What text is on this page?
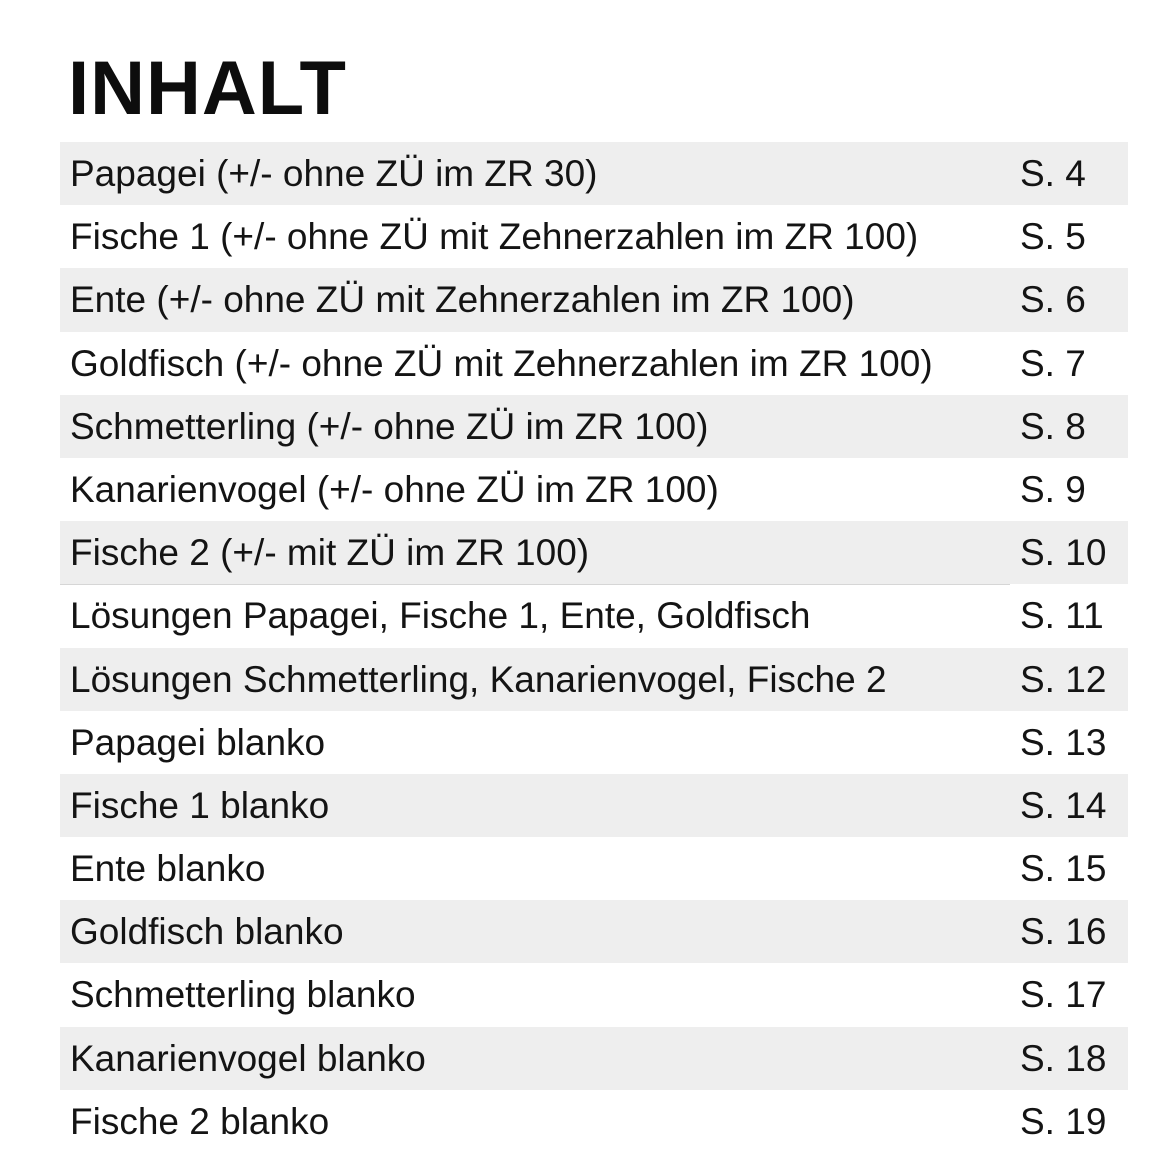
INHALT
Papagei (+/- ohne ZÜ im ZR 30)	S. 4
Fische 1 (+/- ohne ZÜ mit Zehnerzahlen im ZR 100)	S. 5
Ente (+/- ohne ZÜ mit Zehnerzahlen im ZR 100)	S. 6
Goldfisch (+/- ohne ZÜ mit Zehnerzahlen im ZR 100) S. 7
Schmetterling (+/- ohne ZÜ im ZR 100)	S. 8
Kanarienvogel (+/- ohne ZÜ im ZR 100)	S. 9
Fische 2 (+/- mit ZÜ im ZR 100)	S. 10
Lösungen Papagei, Fische 1, Ente, Goldfisch	S. 11
Lösungen Schmetterling, Kanarienvogel, Fische 2	S. 12
Papagei blanko	S. 13
Fische 1 blanko	S. 14
Ente blanko	S. 15
Goldfisch blanko	S. 16
Schmetterling blanko	S. 17
Kanarienvogel blanko	S. 18
Fische 2 blanko	S. 19
